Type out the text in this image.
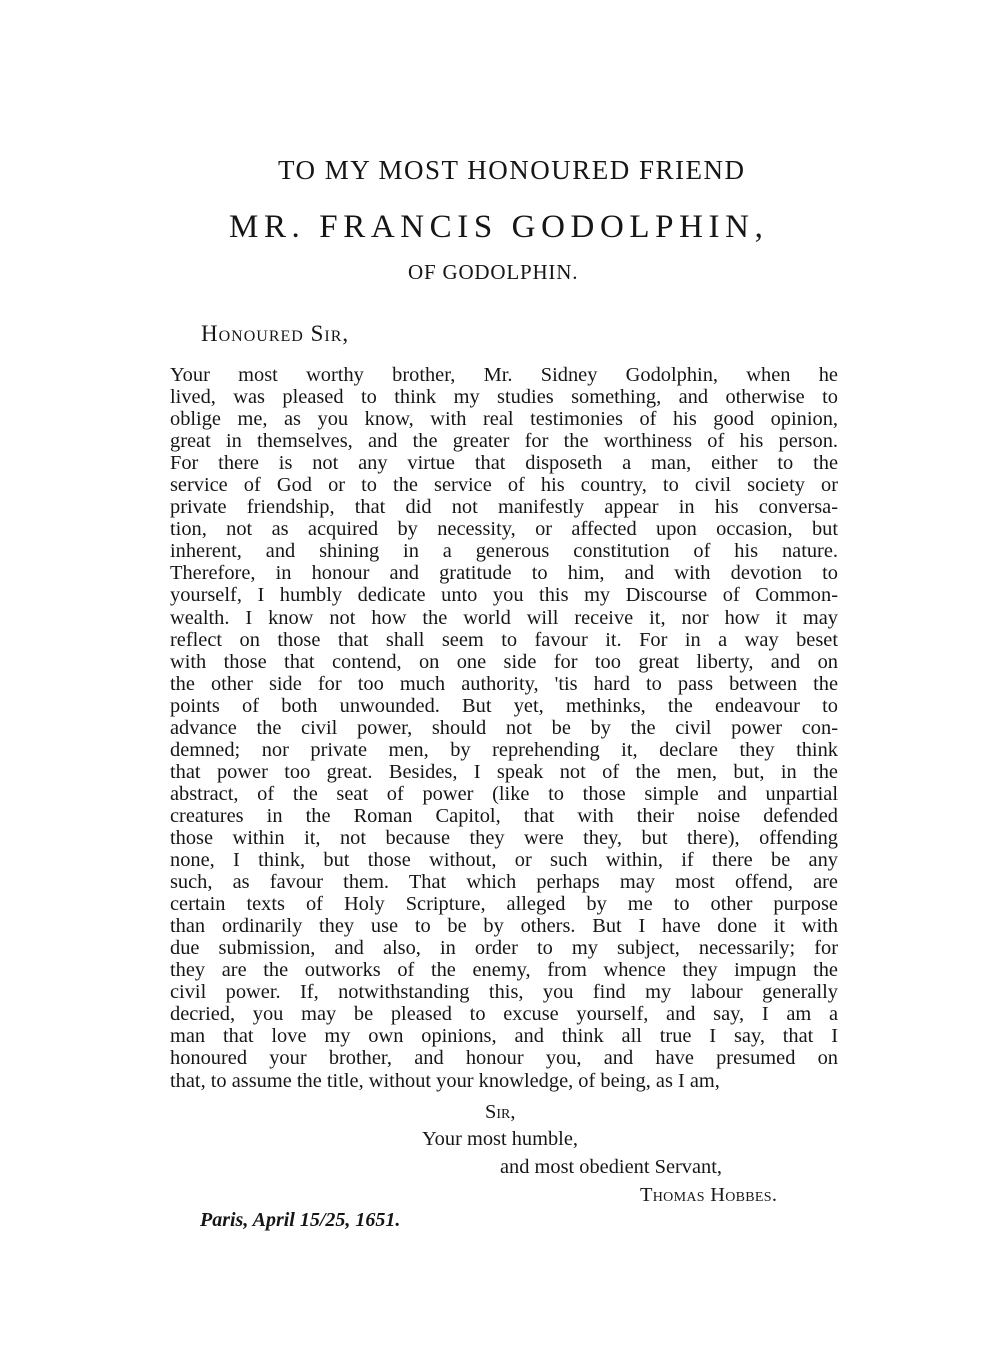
TO MY MOST HONOURED FRIEND

MR. FRANCIS GODOLPHIN,

OF GODOLPHIN.

Honoured Sir,

Your most worthy brother, Mr. Sidney Godolphin, when he
lived, was pleased to think my studies something, and otherwise to
oblige me, as you know, with real testimonies of his good opinion,
great in themselves, and the greater for the worthiness of his person.
For there is not any virtue that disposeth a man, either to the
service of God or to the service of his country, to civil society or
private friendship, that did not manifestly appear in his conversa-
tion, not as acquired by necessity, or affected upon occasion, but
inherent, and shining in a generous constitution of his nature.
Therefore, in honour and gratitude to him, and with devotion to
yourself, I humbly dedicate unto you this my Discourse of Common-
wealth. I know not how the world will receive it, nor how it may
reflect on those that shall seem to favour it. For in a way beset
with those that contend, on one side for too great liberty, and on
the other side for too much authority, 'tis hard to pass between the
points of both unwounded. But yet, methinks, the endeavour to
advance the civil power, should not be by the civil power con-
demned; nor private men, by reprehending it, declare they think
that power too great. Besides, I speak not of the men, but, in the
abstract, of the seat of power (like to those simple and unpartial
creatures in the Roman Capitol, that with their noise defended
those within it, not because they were they, but there), offending
none, I think, but those without, or such within, if there be any
such, as favour them. That which perhaps may most offend, are
certain texts of Holy Scripture, alleged by me to other purpose
than ordinarily they use to be by others. But I have done it with
due submission, and also, in order to my subject, necessarily; for
they are the outworks of the enemy, from whence they impugn the
civil power. If, notwithstanding this, you find my labour generally
decried, you may be pleased to excuse yourself, and say, I am a
man that love my own opinions, and think all true I say, that I
honoured your brother, and honour you, and have presumed on
that, to assume the title, without your knowledge, of being, as I am,

Sir,

Your most humble,

and most obedient Servant,

Thomas Hobbes.

Paris, April 15/25, 1651.
